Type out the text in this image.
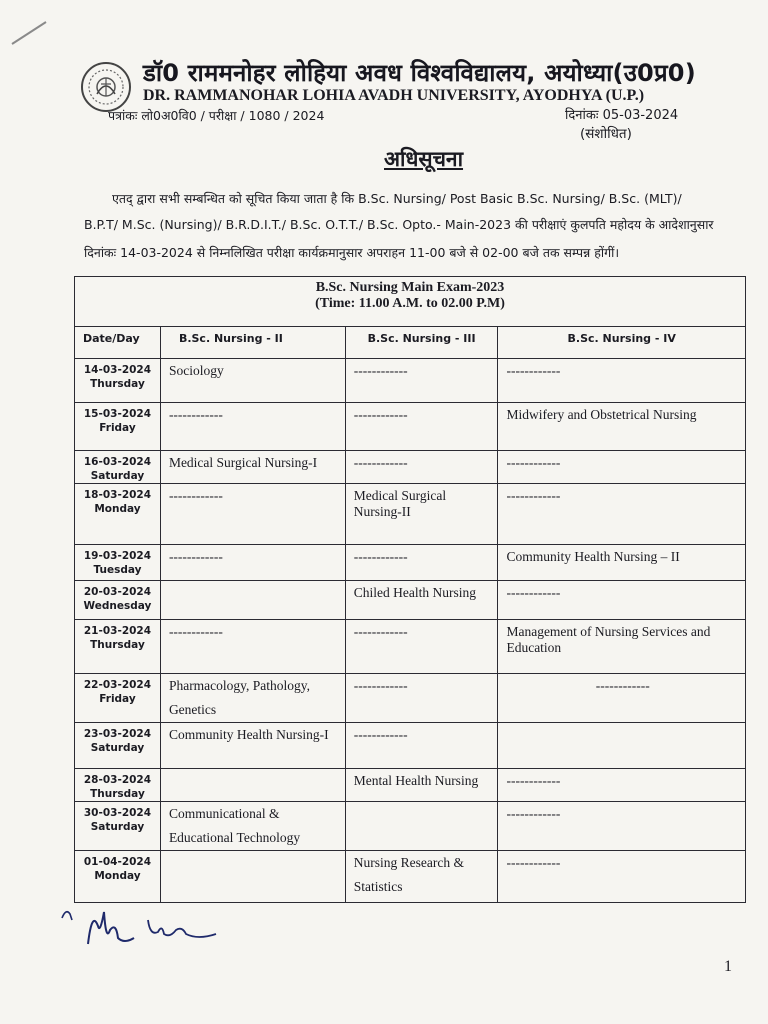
डॉ0 राममनोहर लोहिया अवध विश्वविद्यालय, अयोध्या(उ0प्र0)
DR. RAMMANOHAR LOHIA AVADH UNIVERSITY, AYODHYA (U.P.)
पत्रांकः लो0अ0वि0 / परीक्षा / 1080 / 2024	दिनांकः 05-03-2024
(संशोधित)
अधिसूचना
एतद् द्वारा सभी सम्बन्धित को सूचित किया जाता है कि B.Sc. Nursing/ Post Basic B.Sc. Nursing/ B.Sc. (MLT)/
B.P.T/ M.Sc. (Nursing)/ B.R.D.I.T./ B.Sc. O.T.T./ B.Sc. Opto.- Main-2023 की परीक्षाएं कुलपति महोदय के आदेशानुसार
दिनांकः 14-03-2024 से निम्नलिखित परीक्षा कार्यक्रमानुसार अपराहन 11-00 बजे से 02-00 बजे तक सम्पन्न होंगीं।
B.Sc. Nursing Main Exam-2023
(Time: 11.00 A.M. to 02.00 P.M)			

Date/Day	B.Sc. Nursing - II	B.Sc. Nursing - III	B.Sc. Nursing - IV

14-03-2024
Thursday	Sociology	------------	------------

15-03-2024
Friday	------------	------------	Midwifery and Obstetrical Nursing

16-03-2024
Saturday	Medical Surgical Nursing-I	------------	------------

18-03-2024
Monday	------------	Medical Surgical Nursing-II	------------

19-03-2024
Tuesday	------------	------------	Community Health Nursing – II

20-03-2024
Wednesday		Chiled Health Nursing	------------

21-03-2024
Thursday	------------	------------	Management of Nursing Services and Education

22-03-2024
Friday	Pharmacology, Pathology, Genetics	------------	------------

23-03-2024
Saturday	Community Health Nursing-I	------------	

28-03-2024
Thursday		Mental Health Nursing	------------

30-03-2024
Saturday	Communicational & Educational Technology		------------

01-04-2024
Monday		Nursing Research & Statistics	------------
1
